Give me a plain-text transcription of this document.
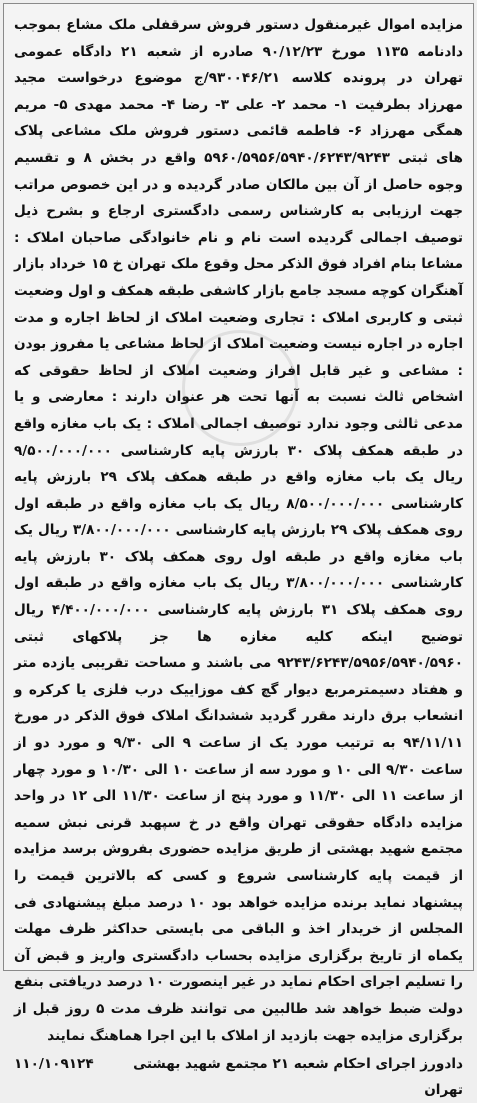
مزایده اموال غیرمنقول دستور فروش سرقفلی ملک مشاع بموجب دادنامه ۱۱۳۵ مورخ ۹۰/۱۲/۲۳ صادره از شعبه ۲۱ دادگاه عمومی تهران در پرونده کلاسه ۹۳۰۰۴۶/۲۱/ج موضوع درخواست مجید مهرزاد بطرفیت ۱- محمد ۲- علی ۳- رضا ۴- محمد مهدی ۵- مریم همگی مهرزاد ۶- فاطمه قائمی دستور فروش ملک مشاعی پلاک های ثبتی ۵۹۶۰/۵۹۵۶/۵۹۴۰/۶۲۴۳/۹۲۴۳ واقع در بخش ۸ و تقسیم وجوه حاصل از آن بین مالکان صادر گردیده و در این خصوص مراتب جهت ارزیابی به کارشناس رسمی دادگستری ارجاع و بشرح ذیل توصیف اجمالی گردیده است نام و نام خانوادگی صاحبان املاک : مشاعا بنام افراد فوق الذکر محل وقوع ملک تهران خ ۱۵ خرداد بازار آهنگران کوچه مسجد جامع بازار کاشفی طبقه همکف و اول وضعیت ثبتی و کاربری املاک : تجاری وضعیت املاک از لحاظ اجاره و مدت اجاره در اجاره نیست وضعیت املاک از لحاظ مشاعی یا مفروز بودن : مشاعی و غیر قابل افراز وضعیت املاک از لحاظ حقوقی که اشخاص ثالث نسبت به آنها تحت هر عنوان دارند : معارضی و یا مدعی ثالثی وجود ندارد توصیف اجمالی املاک : یک باب مغازه واقع در طبقه همکف پلاک ۳۰ بارزش پایه کارشناسی ۹/۵۰۰/۰۰۰/۰۰۰ ریال یک باب مغازه واقع در طبقه همکف پلاک ۲۹ بارزش پایه کارشناسی ۸/۵۰۰/۰۰۰/۰۰۰ ریال یک باب مغازه واقع در طبقه اول روی همکف پلاک ۲۹ بارزش پایه کارشناسی ۳/۸۰۰/۰۰۰/۰۰۰ ریال یک باب مغازه واقع در طبقه اول روی همکف پلاک ۳۰ بارزش پایه کارشناسی ۳/۸۰۰/۰۰۰/۰۰۰ ریال یک باب مغازه واقع در طبقه اول روی همکف پلاک ۳۱ بارزش پایه کارشناسی ۴/۴۰۰/۰۰۰/۰۰۰ ریال توضیح اینکه کلیه مغازه ها جز پلاکهای ثبتی ۹۲۴۳/۶۲۴۳/۵۹۵۶/۵۹۴۰/۵۹۶۰ می باشند و مساحت تقریبی یازده متر و هفتاد دسیمترمربع دیوار گچ کف موزاییک درب فلزی یا کرکره و انشعاب برق دارند مقرر گردید ششدانگ املاک فوق الذکر در مورخ ۹۴/۱۱/۱۱ به ترتیب مورد یک از ساعت ۹ الی ۹/۳۰ و مورد دو از ساعت ۹/۳۰ الی ۱۰ و مورد سه از ساعت ۱۰ الی ۱۰/۳۰ و مورد چهار از ساعت ۱۱ الی ۱۱/۳۰ و مورد پنج از ساعت ۱۱/۳۰ الی ۱۲ در واحد مزایده دادگاه حقوقی تهران واقع در خ سپهبد قرنی نبش سمیه مجتمع شهید بهشتی از طریق مزایده حضوری بفروش برسد مزایده از قیمت پایه کارشناسی شروع و کسی که بالاترین قیمت را پیشنهاد نماید برنده مزایده خواهد بود ۱۰ درصد مبلغ پیشنهادی فی المجلس از خریدار اخذ و الباقی می بایستی حداکثر ظرف مهلت یکماه از تاریخ برگزاری مزایده بحساب دادگستری واریز و قبض آن را تسلیم اجرای احکام نماید در غیر اینصورت ۱۰ درصد دریافتی بنفع دولت ضبط خواهد شد طالبین می توانند ظرف مدت ۵ روز قبل از برگزاری مزایده جهت بازدید از املاک با این اجرا هماهنگ نمایند

دادورز اجرای احکام شعبه ۲۱ مجتمع شهید بهشتی تهران
۱۱۰/۱۰۹۱۲۴
